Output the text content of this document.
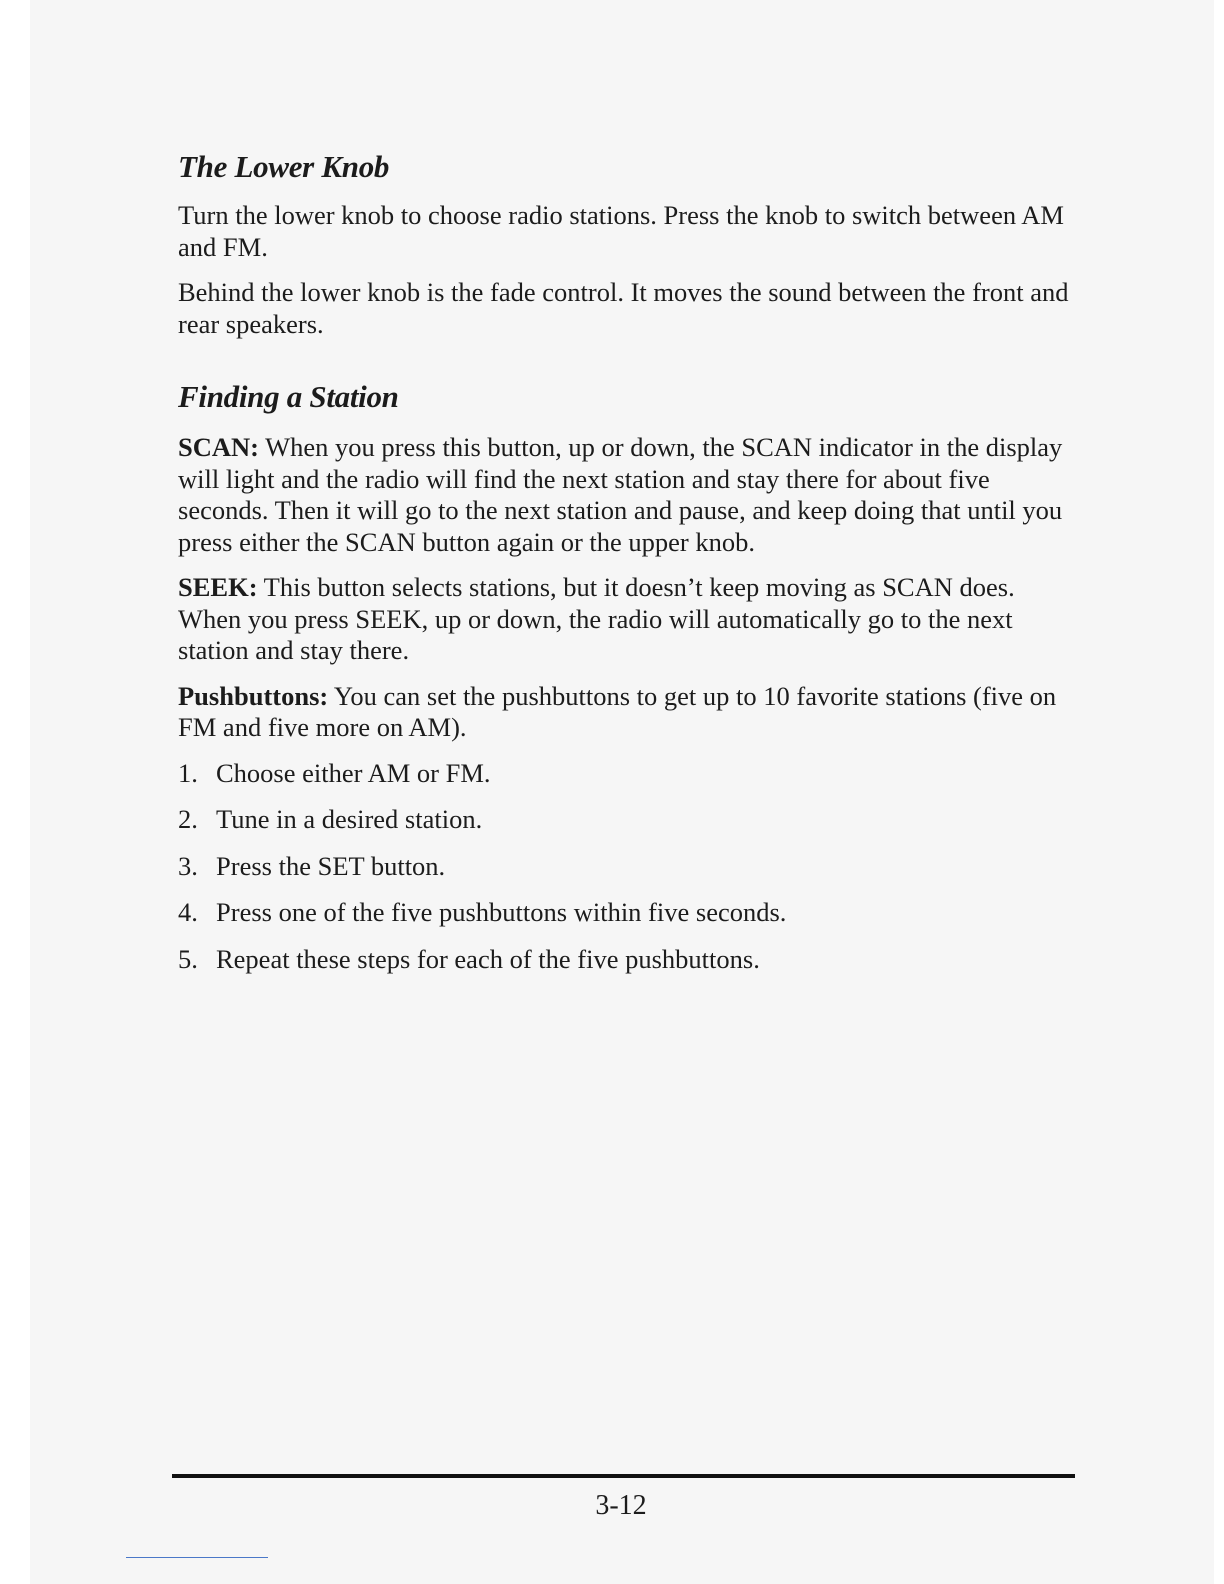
The Lower Knob

Turn the lower knob to choose radio stations. Press the knob to switch between AM and FM.

Behind the lower knob is the fade control. It moves the sound between the front and rear speakers.

Finding a Station

SCAN: When you press this button, up or down, the SCAN indicator in the display will light and the radio will find the next station and stay there for about five seconds. Then it will go to the next station and pause, and keep doing that until you press either the SCAN button again or the upper knob.

SEEK: This button selects stations, but it doesn’t keep moving as SCAN does. When you press SEEK, up or down, the radio will automatically go to the next station and stay there.

Pushbuttons: You can set the pushbuttons to get up to 10 favorite stations (five on FM and five more on AM).

1. Choose either AM or FM.
2. Tune in a desired station.
3. Press the SET button.
4. Press one of the five pushbuttons within five seconds.
5. Repeat these steps for each of the five pushbuttons.
3-12
